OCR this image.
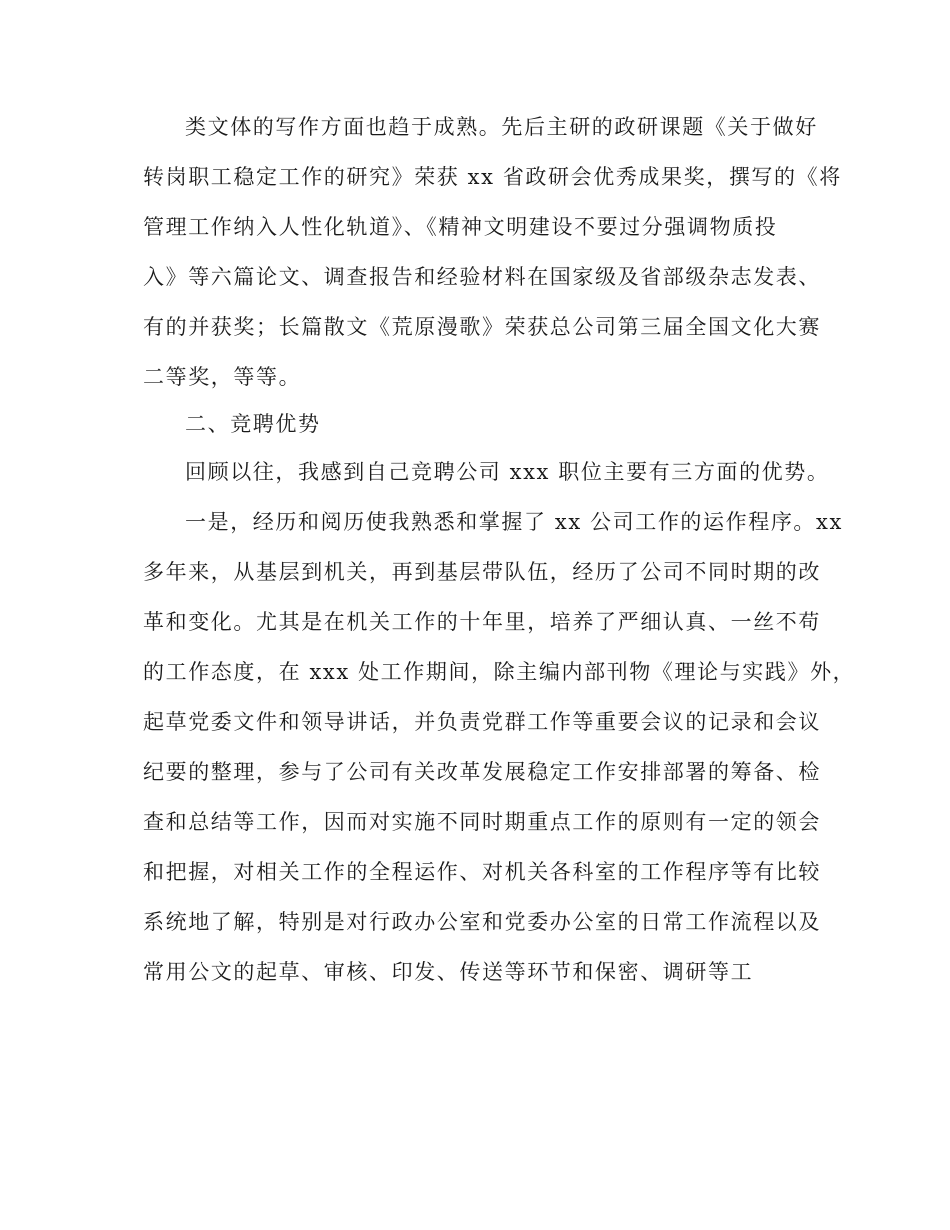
类文体的写作方面也趋于成熟。先后主研的政研课题《关于做好
转岗职工稳定工作的研究》荣获 xx 省政研会优秀成果奖，撰写的《将
管理工作纳入人性化轨道》、《精神文明建设不要过分强调物质投
入》等六篇论文、调查报告和经验材料在国家级及省部级杂志发表、
有的并获奖；长篇散文《荒原漫歌》荣获总公司第三届全国文化大赛
二等奖，等等。
二、竞聘优势
回顾以往，我感到自己竞聘公司 xxx 职位主要有三方面的优势。
一是，经历和阅历使我熟悉和掌握了 xx 公司工作的运作程序。xx
多年来，从基层到机关，再到基层带队伍，经历了公司不同时期的改
革和变化。尤其是在机关工作的十年里，培养了严细认真、一丝不苟
的工作态度，在 xxx 处工作期间，除主编内部刊物《理论与实践》外，
起草党委文件和领导讲话，并负责党群工作等重要会议的记录和会议
纪要的整理，参与了公司有关改革发展稳定工作安排部署的筹备、检
查和总结等工作，因而对实施不同时期重点工作的原则有一定的领会
和把握，对相关工作的全程运作、对机关各科室的工作程序等有比较
系统地了解，特别是对行政办公室和党委办公室的日常工作流程以及
常用公文的起草、审核、印发、传送等环节和保密、调研等工
